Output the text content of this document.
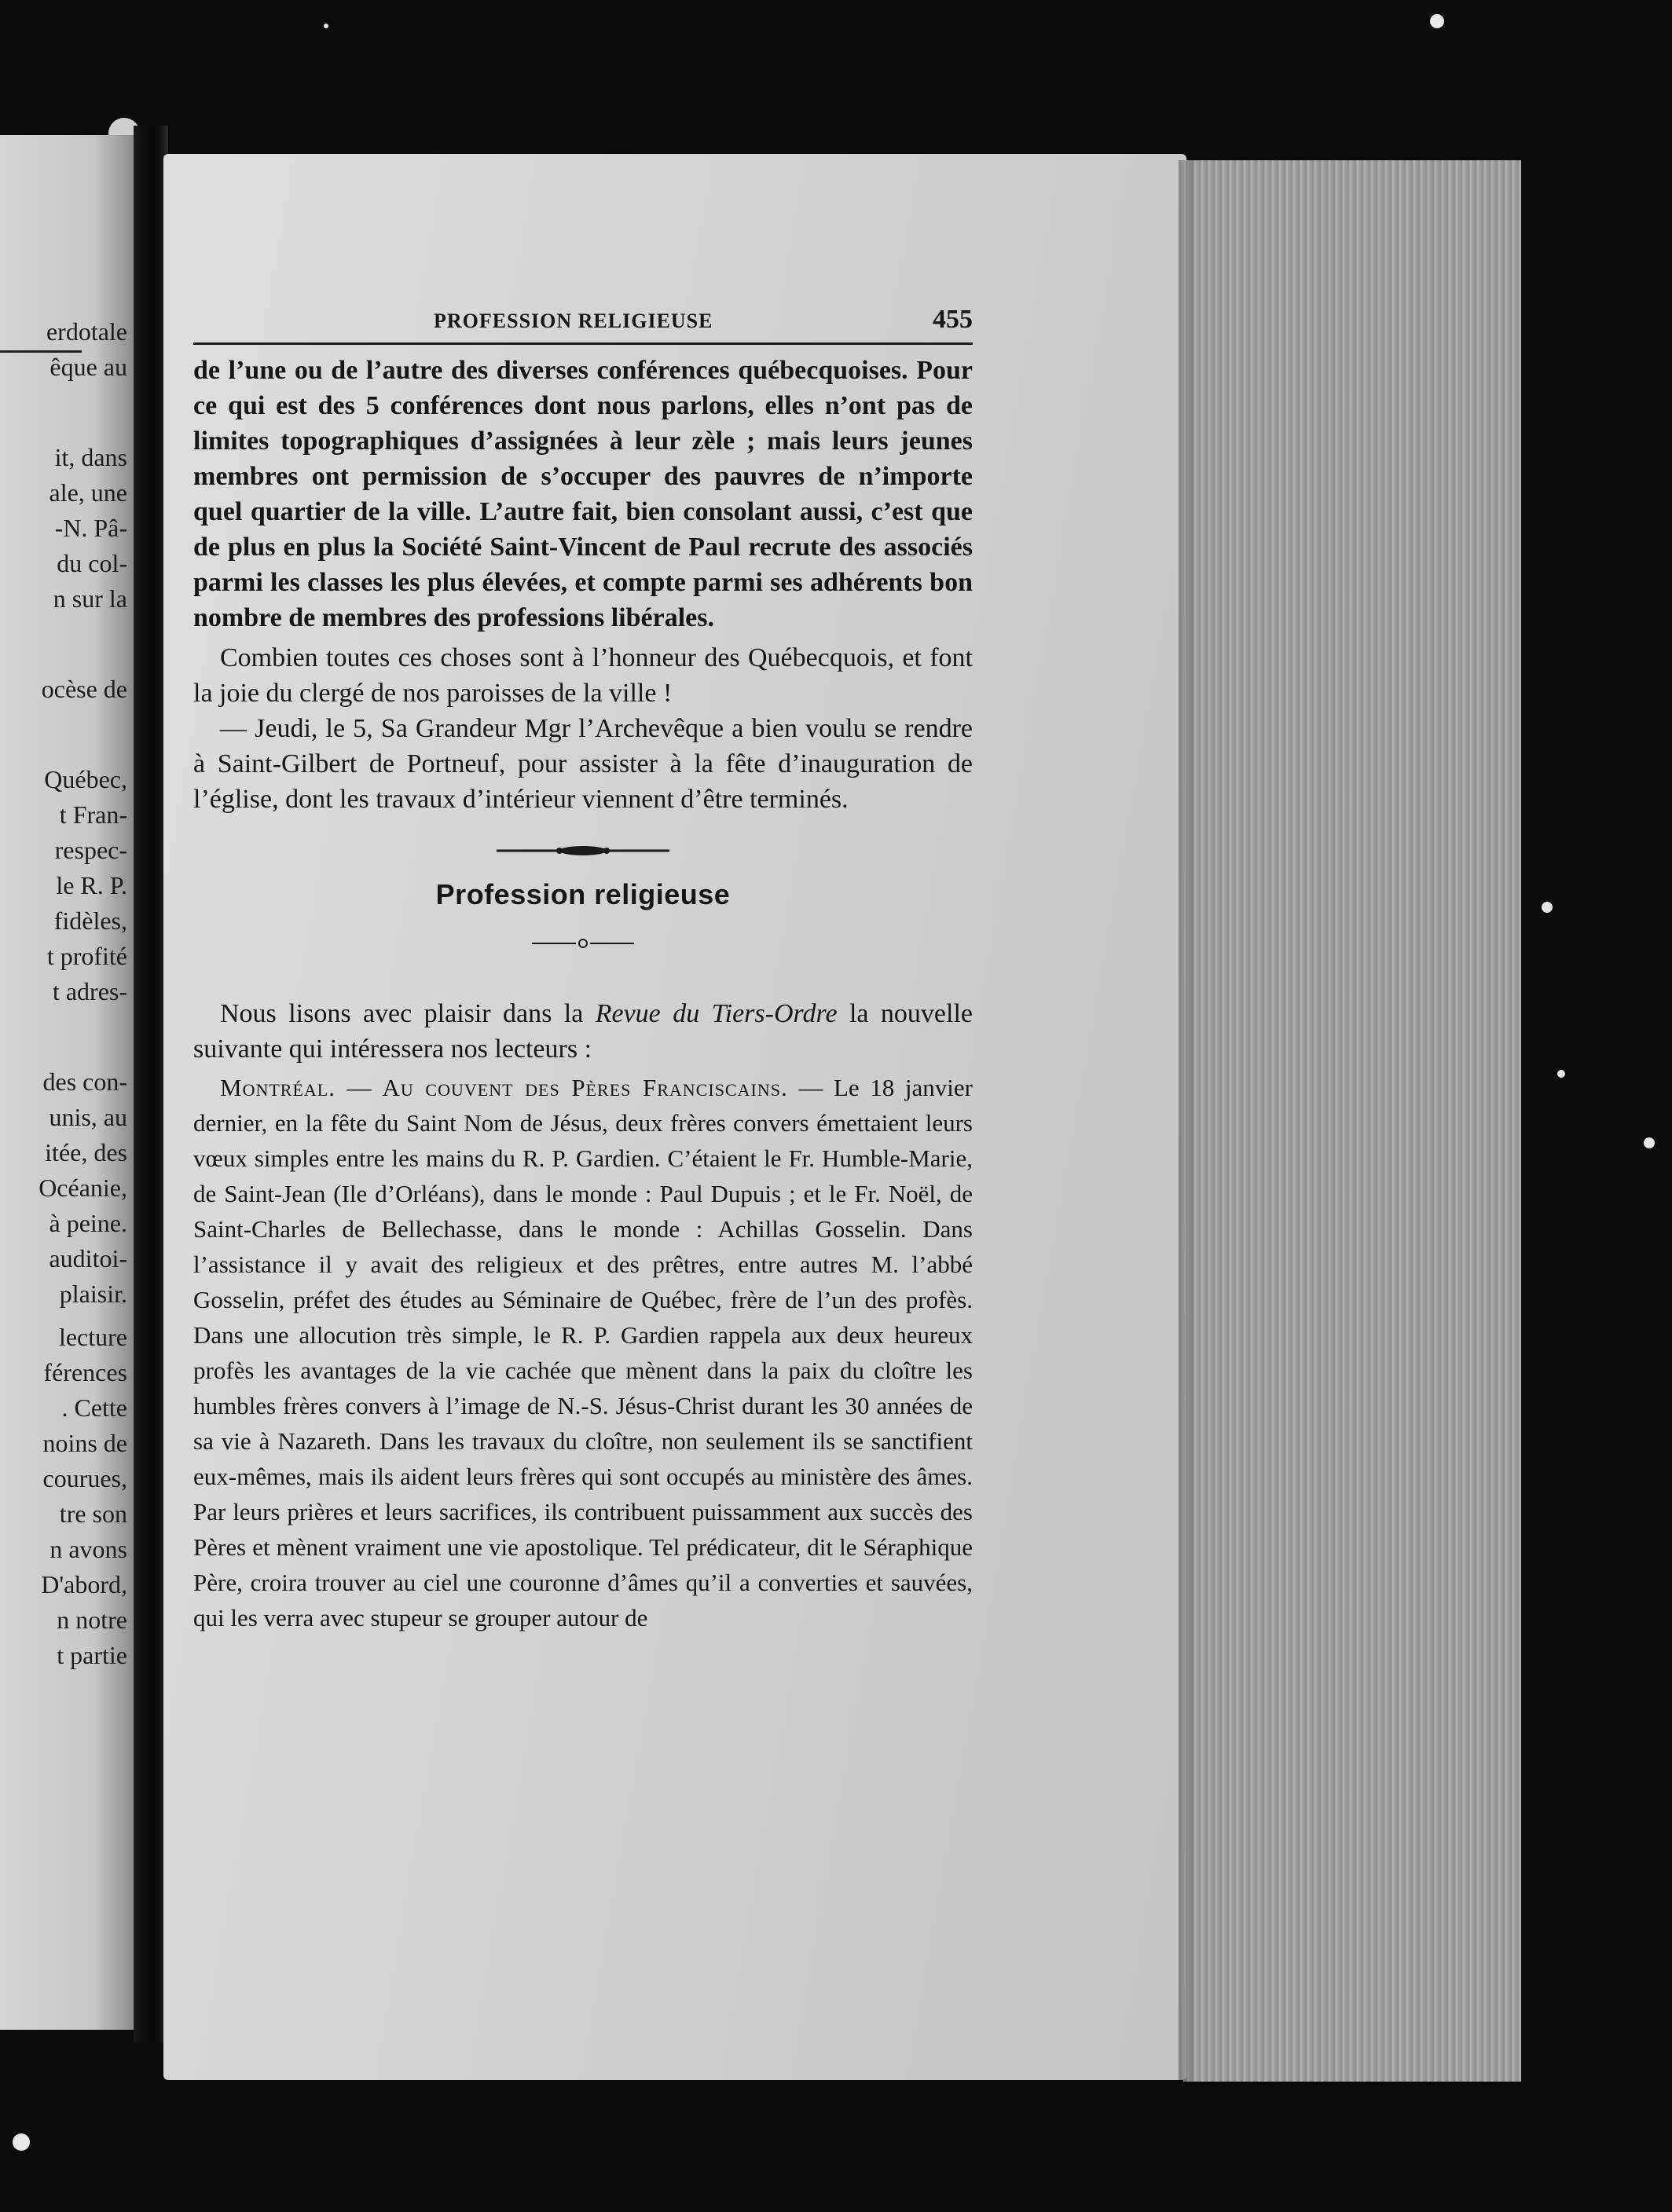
erdotale
êque au
it, dans
ale, une
-N. Pâ-
du col-
n sur la
ocèse de
Québec,
t Fran-
respec-
le R. P.
fidèles,
t profité
t adres-
des con-
unis, au
itée, des
Océanie,
à peine.
auditoi-
plaisir.
lecture
férences
. Cette
noins de
courues,
tre son
n avons
D'abord,
n notre
t partie
PROFESSION RELIGIEUSE	455

de l’une ou de l’autre des diverses conférences québecquoises. Pour ce qui est des 5 conférences dont nous parlons, elles n’ont pas de limites topographiques d’assignées à leur zèle ; mais leurs jeunes membres ont permission de s’occuper des pauvres de n’importe quel quartier de la ville. L’autre fait, bien consolant aussi, c’est que de plus en plus la Société Saint-Vincent de Paul recrute des associés parmi les classes les plus élevées, et compte parmi ses adhérents bon nombre de membres des professions libérales.

Combien toutes ces choses sont à l’honneur des Québecquois, et font la joie du clergé de nos paroisses de la ville !

— Jeudi, le 5, Sa Grandeur Mgr l’Archevêque a bien voulu se rendre à Saint-Gilbert de Portneuf, pour assister à la fête d’inauguration de l’église, dont les travaux d’intérieur viennent d’être terminés.

Profession religieuse

Nous lisons avec plaisir dans la Revue du Tiers-Ordre la nouvelle suivante qui intéressera nos lecteurs :

Montréal. — Au couvent des Pères Franciscains. — Le 18 janvier dernier, en la fête du Saint Nom de Jésus, deux frères convers émettaient leurs vœux simples entre les mains du R. P. Gardien. C’étaient le Fr. Humble-Marie, de Saint-Jean (Ile d’Orléans), dans le monde : Paul Dupuis ; et le Fr. Noël, de Saint-Charles de Bellechasse, dans le monde : Achillas Gosselin. Dans l’assistance il y avait des religieux et des prêtres, entre autres M. l’abbé Gosselin, préfet des études au Séminaire de Québec, frère de l’un des profès. Dans une allocution très simple, le R. P. Gardien rappela aux deux heureux profès les avantages de la vie cachée que mènent dans la paix du cloître les humbles frères convers à l’image de N.-S. Jésus-Christ durant les 30 années de sa vie à Nazareth. Dans les travaux du cloître, non seulement ils se sanctifient eux-mêmes, mais ils aident leurs frères qui sont occupés au ministère des âmes. Par leurs prières et leurs sacrifices, ils contribuent puissamment aux succès des Pères et mènent vraiment une vie apostolique. Tel prédicateur, dit le Séraphique Père, croira trouver au ciel une couronne d’âmes qu’il a converties et sauvées, qui les verra avec stupeur se grouper autour de
